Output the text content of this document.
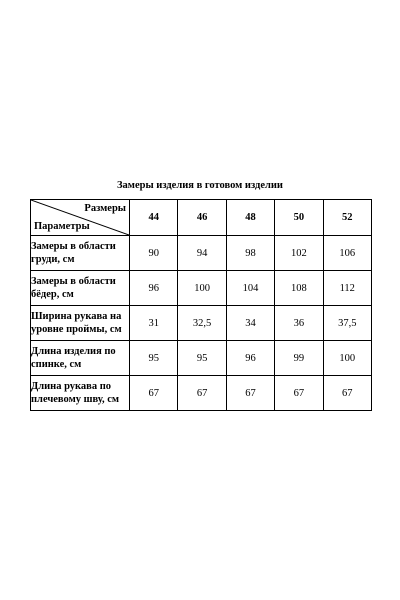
Замеры изделия в готовом изделии
Размеры
Параметры	44	46	48	50	52
Замеры в области
груди, см	90	94	98	102	106
Замеры в области
бёдер, см	96	100	104	108	112
Ширина рукава на
уровне проймы, см	31	32,5	34	36	37,5
Длина изделия по
спинке, см	95	95	96	99	100
Длина рукава по
плечевому шву, см	67	67	67	67	67
